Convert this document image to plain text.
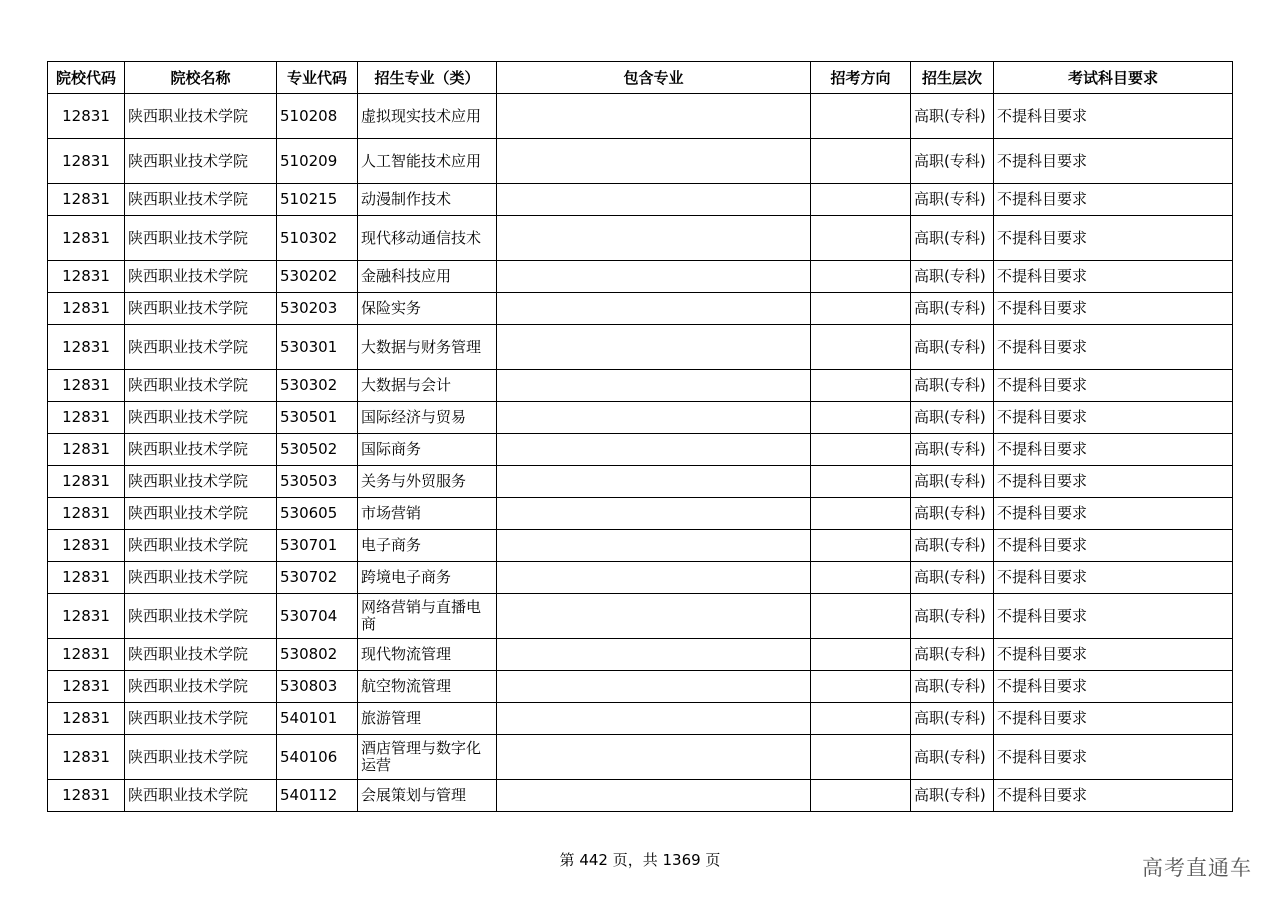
院校代码	院校名称	专业代码	招生专业（类）	包含专业	招考方向	招生层次	考试科目要求
12831	陕西职业技术学院	510208	虚拟现实技术应用			高职(专科)	不提科目要求
12831	陕西职业技术学院	510209	人工智能技术应用			高职(专科)	不提科目要求
12831	陕西职业技术学院	510215	动漫制作技术			高职(专科)	不提科目要求
12831	陕西职业技术学院	510302	现代移动通信技术			高职(专科)	不提科目要求
12831	陕西职业技术学院	530202	金融科技应用			高职(专科)	不提科目要求
12831	陕西职业技术学院	530203	保险实务			高职(专科)	不提科目要求
12831	陕西职业技术学院	530301	大数据与财务管理			高职(专科)	不提科目要求
12831	陕西职业技术学院	530302	大数据与会计			高职(专科)	不提科目要求
12831	陕西职业技术学院	530501	国际经济与贸易			高职(专科)	不提科目要求
12831	陕西职业技术学院	530502	国际商务			高职(专科)	不提科目要求
12831	陕西职业技术学院	530503	关务与外贸服务			高职(专科)	不提科目要求
12831	陕西职业技术学院	530605	市场营销			高职(专科)	不提科目要求
12831	陕西职业技术学院	530701	电子商务			高职(专科)	不提科目要求
12831	陕西职业技术学院	530702	跨境电子商务			高职(专科)	不提科目要求
12831	陕西职业技术学院	530704	网络营销与直播电商			高职(专科)	不提科目要求
12831	陕西职业技术学院	530802	现代物流管理			高职(专科)	不提科目要求
12831	陕西职业技术学院	530803	航空物流管理			高职(专科)	不提科目要求
12831	陕西职业技术学院	540101	旅游管理			高职(专科)	不提科目要求
12831	陕西职业技术学院	540106	酒店管理与数字化运营			高职(专科)	不提科目要求
12831	陕西职业技术学院	540112	会展策划与管理			高职(专科)	不提科目要求
第 442 页，共 1369 页	高考直通车
